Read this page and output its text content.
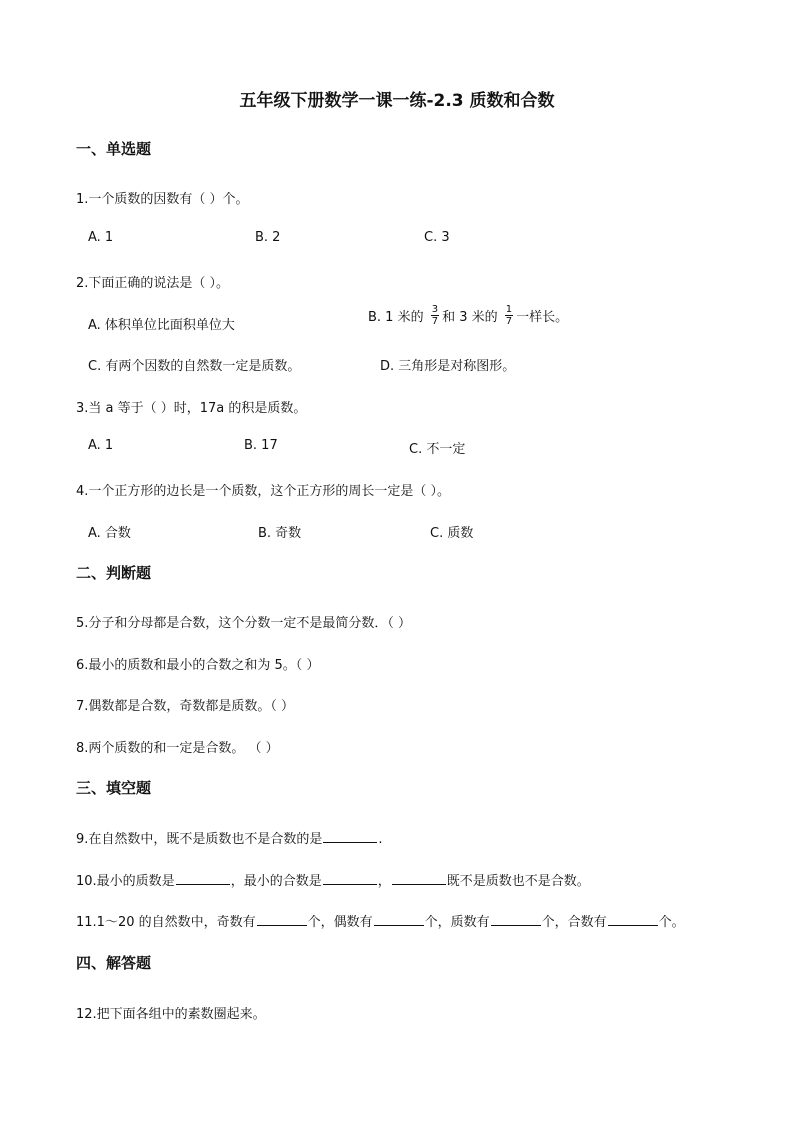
五年级下册数学一课一练-2.3 质数和合数
一、单选题
1.一个质数的因数有（ ）个。
A. 1	B. 2	C. 3
2.下面正确的说法是（ ）。
A. 体积单位比面积单位大
B. 1 米的 $\frac{3}{7}$ 和 3 米的 $\frac{1}{7}$ 一样长。
C. 有两个因数的自然数一定是质数。	D. 三角形是对称图形。
3.当 a 等于（ ）时，17a 的积是质数。
A. 1	B. 17	C. 不一定
4.一个正方形的边长是一个质数，这个正方形的周长一定是（ ）。
A. 合数	B. 奇数	C. 质数
二、判断题
5.分子和分母都是合数，这个分数一定不是最简分数．（ ）
6.最小的质数和最小的合数之和为 5。（ ）
7.偶数都是合数，奇数都是质数。（ ）
8.两个质数的和一定是合数。 （ ）
三、填空题
9.在自然数中，既不是质数也不是合数的是	.
10.最小的质数是	，最小的合数是	，	既不是质数也不是合数。
11.1～20 的自然数中，奇数有	个，偶数有	个，质数有	个，合数有	个。
四、解答题
12.把下面各组中的素数圈起来。
